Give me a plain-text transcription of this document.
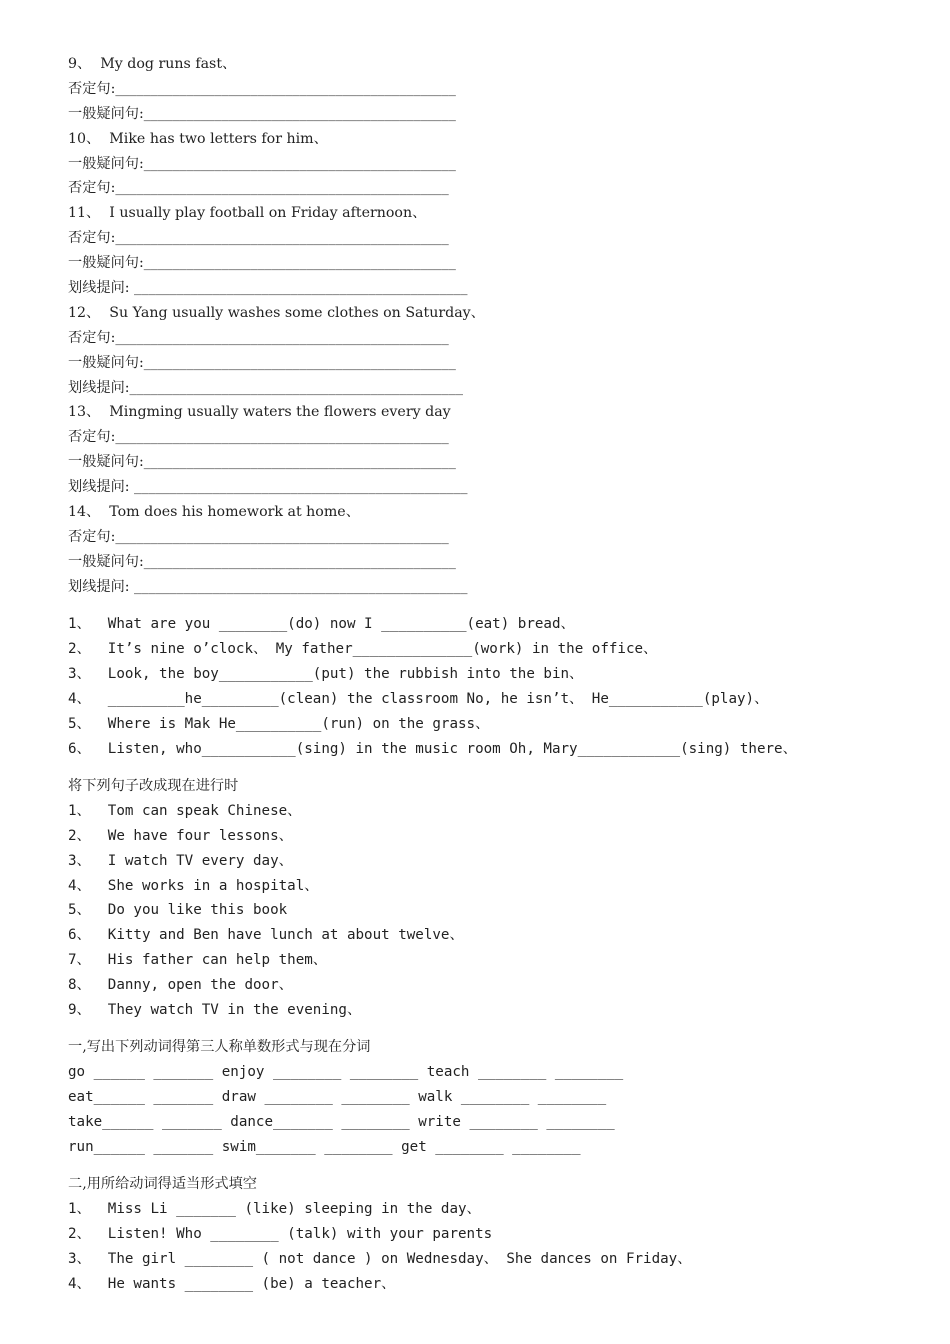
9、  My dog runs fast、
否定句:________________________________________________
一般疑问句:____________________________________________
10、  Mike has two letters for him、
一般疑问句:____________________________________________
否定句:_______________________________________________
11、  I usually play football on Friday afternoon、
否定句:_______________________________________________
一般疑问句:____________________________________________
划线提问: _______________________________________________
12、  Su Yang usually washes some clothes on Saturday、
否定句:_______________________________________________
一般疑问句:____________________________________________
划线提问:_______________________________________________
13、  Mingming usually waters the flowers every day
否定句:_______________________________________________
一般疑问句:____________________________________________
划线提问: _______________________________________________
14、  Tom does his homework at home、
否定句:_______________________________________________
一般疑问句:____________________________________________
划线提问: _______________________________________________
1、  What are you ________(do) now I __________(eat) bread、
2、  It’s nine o’clock、 My father______________(work) in the office、
3、  Look, the boy___________(put) the rubbish into the bin、
4、  _________he_________(clean) the classroom No, he isn’t、 He___________(play)、
5、  Where is Mak He__________(run) on the grass、
6、  Listen, who___________(sing) in the music room Oh, Mary____________(sing) there、
将下列句子改成现在进行时
1、  Tom can speak Chinese、
2、  We have four lessons、
3、  I watch TV every day、
4、  She works in a hospital、
5、  Do you like this book
6、  Kitty and Ben have lunch at about twelve、
7、  His father can help them、
8、  Danny, open the door、
9、  They watch TV in the evening、
一,写出下列动词得第三人称单数形式与现在分词
go ______ _______ enjoy ________ ________ teach ________ ________
eat______ _______ draw ________ ________ walk ________ ________
take______ _______ dance_______ ________ write ________ ________
run______ _______ swim_______ ________ get ________ ________
二,用所给动词得适当形式填空
1、  Miss Li _______ (like) sleeping in the day、
2、  Listen! Who ________ (talk) with your parents
3、  The girl ________ ( not dance ) on Wednesday、 She dances on Friday、
4、  He wants ________ (be) a teacher、
